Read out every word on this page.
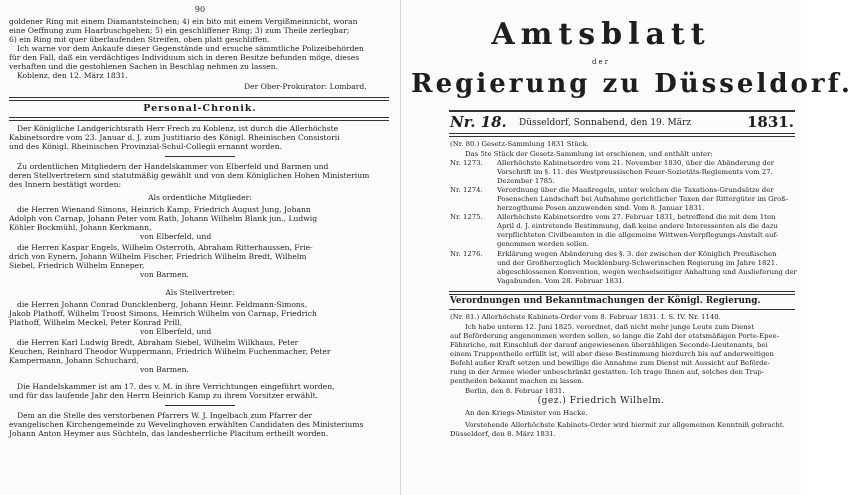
90
goldener Ring mit einem Diamantsteinchen; 4) ein bito mit einem Vergißmeinnicht, woran
eine Oeffnung zum Haarbuschgehen; 5) ein geschliffener Ring; 3) zum Theile zerlegbar;
6) ein Ring mit quer überlaufenden Streifen, oben platt geschliffen.
Ich warne vor dem Ankaufe dieser Gegenstände und ersuche sämmtliche Polizeibehörden
für den Fall, daß ein verdächtiges Individuum sich in deren Besitze befunden möge, dieses
verhaften und die gestohlenen Sachen in Beschlag nehmen zu lassen.
Koblenz, den 12. März 1831.
Der Ober-Prokurator: Lombard.
Personal-Chronik.
Der Königliche Landgerichtsrath Herr Frech zu Koblenz, ist durch die Allerhöchste
Kabinetsordre vom 23. Januar d. J. zum Justitiario des Königl. Rheinischen Consistorii
und des Königl. Rheinischen Provinzial-Schul-Collegii ernannt worden.
Zu ordentlichen Mitgliedern der Handelskammer von Elberfeld und Barmen und
deren Stellvertretern sind statutmäßig gewählt und von dem Königlichen Hohen Ministerium
des Innern bestätigt worden:
Als ordentliche Mitglieder:
die Herren Wienand Simons, Heinrich Kamp, Friedrich August Jung, Johann
Adolph von Carnap, Johann Peter vom Rath, Johann Wilhelm Blank jun., Ludwig
Köhler Bockmühl, Johann Kerkmann,
von Elberfeld, und
die Herren Kaspar Engels, Wilhelm Osterroth, Abraham Ritterhaussen, Frie-
drich von Eynern, Johann Wilhelm Fischer, Friedrich Wilhelm Bredt, Wilhelm
Siebel, Friedrich Wilhelm Enneper,
von Barmen.
Als Stellvertreter:
die Herren Johann Conrad Duncklenberg, Johann Heinr. Feldmann-Simons,
Jakob Plathoff, Wilhelm Troost Simons, Heinrich Wilhelm von Carnap, Friedrich
Plathoff, Wilhelm Meckel, Peter Konrad Prill,
von Elberfeld, und
die Herren Karl Ludwig Bredt, Abraham Siebel, Wilhelm Wilkhaus, Peter
Keuchen, Reinhard Theodor Wuppermann, Friedrich Wilhelm Fuchenmacher, Peter
Kampermann, Johann Schuchard,
von Barmen.
Die Handelskammer ist am 17. des v. M. in ihre Verrichtungen eingeführt worden,
und für das laufende Jahr den Herrn Heinrich Kamp zu ihrem Vorsitzer erwählt.
Dem an die Stelle des verstorbenen Pfarrers W. J. Ingelbach zum Pfarrer der
evangelischen Kirchengemeinde zu Wevelinghoven erwählten Candidaten des Ministeriums
Johann Anton Heymer aus Süchteln, das landesherrliche Placitum ertheilt worden.
Amtsblatt
der
Regierung zu Düsseldorf.
Nr. 18. Düsseldorf, Sonnabend, den 19. März	1831.
(Nr. 80.) Gesetz-Sammlung 1831 Stück.
Das 5te Stück der Gesetz-Sammlung ist erschienen, und enthält unter:
Nr. 1273. Allerhöchste Kabinetsordre vom 21. November 1830, über die Abänderung der
Vorschrift im §. 11. des Westpreussischen Feuer-Sozietäts-Reglements vom 27.
Dezember 1785.
Nr. 1274. Verordnung über die Maaßregeln, unter welchen die Taxations-Grundsätze der
Posenschen Landschaft bei Aufnahme gerichtlicher Taxen der Rittergüter im Groß-
herzogthume Posen anzuwenden sind. Vom 8. Januar 1831.
Nr. 1275. Allerhöchste Kabinetsordre vom 27. Februar 1831, betreffend die mit dem 1ten
April d. J. eintretende Bestimmung, daß keine andere Interessenten als die dazu
verpflichteten Civilbeamten in die allgemeine Wittwen-Verpflegungs-Anstalt auf-
genommen werden sollen.
Nr. 1276. Erklärung wegen Abänderung des §. 3. der zwischen der Königlich Preußischen
und der Großherzoglich Mecklenburg-Schwerinschen Regierung im Jahre 1821.
abgeschlossenen Konvention, wegen wechselseitiger Anhaltung und Auslieferung der
Vagabunden. Vom 28. Februar 1831.
Verordnungen und Bekanntmachungen der Königl. Regierung.
(Nr. 81.) Allerhöchste Kabinets-Order vom 8. Februar 1831. I. S. IV. Nr. 1140.
Ich habe unterm 12. Juni 1825. verordnet, daß nicht mehr junge Leute zum Dienst
auf Beförderung angenommen werden sollen, so lange die Zahl der etatsmäßigen Porte-Epee-
Fähnriche, mit Einschluß der darauf angewiesenen überzähligen Seconde-Lieutenants, bei
einem Truppentheile erfüllt ist, will aber diese Bestimmung hierdurch bis auf anderweitigen
Befehl außer Kraft setzen und bewillige die Annahme zum Dienst mit Aussicht auf Beförde-
rung in der Armee wieder unbeschränkt gestatten. Ich trage Ihnen auf, solches den Trup-
pentheilen bekannt machen zu lassen.
Berlin, den 8. Februar 1831.
(gez.) Friedrich Wilhelm.
An den Kriegs-Minister von Hacke.
Vorstehende Allerhöchste Kabinets-Order wird hiermit zur allgemeinen Kenntniß gebracht.
Düsseldorf, den 8. März 1831.
